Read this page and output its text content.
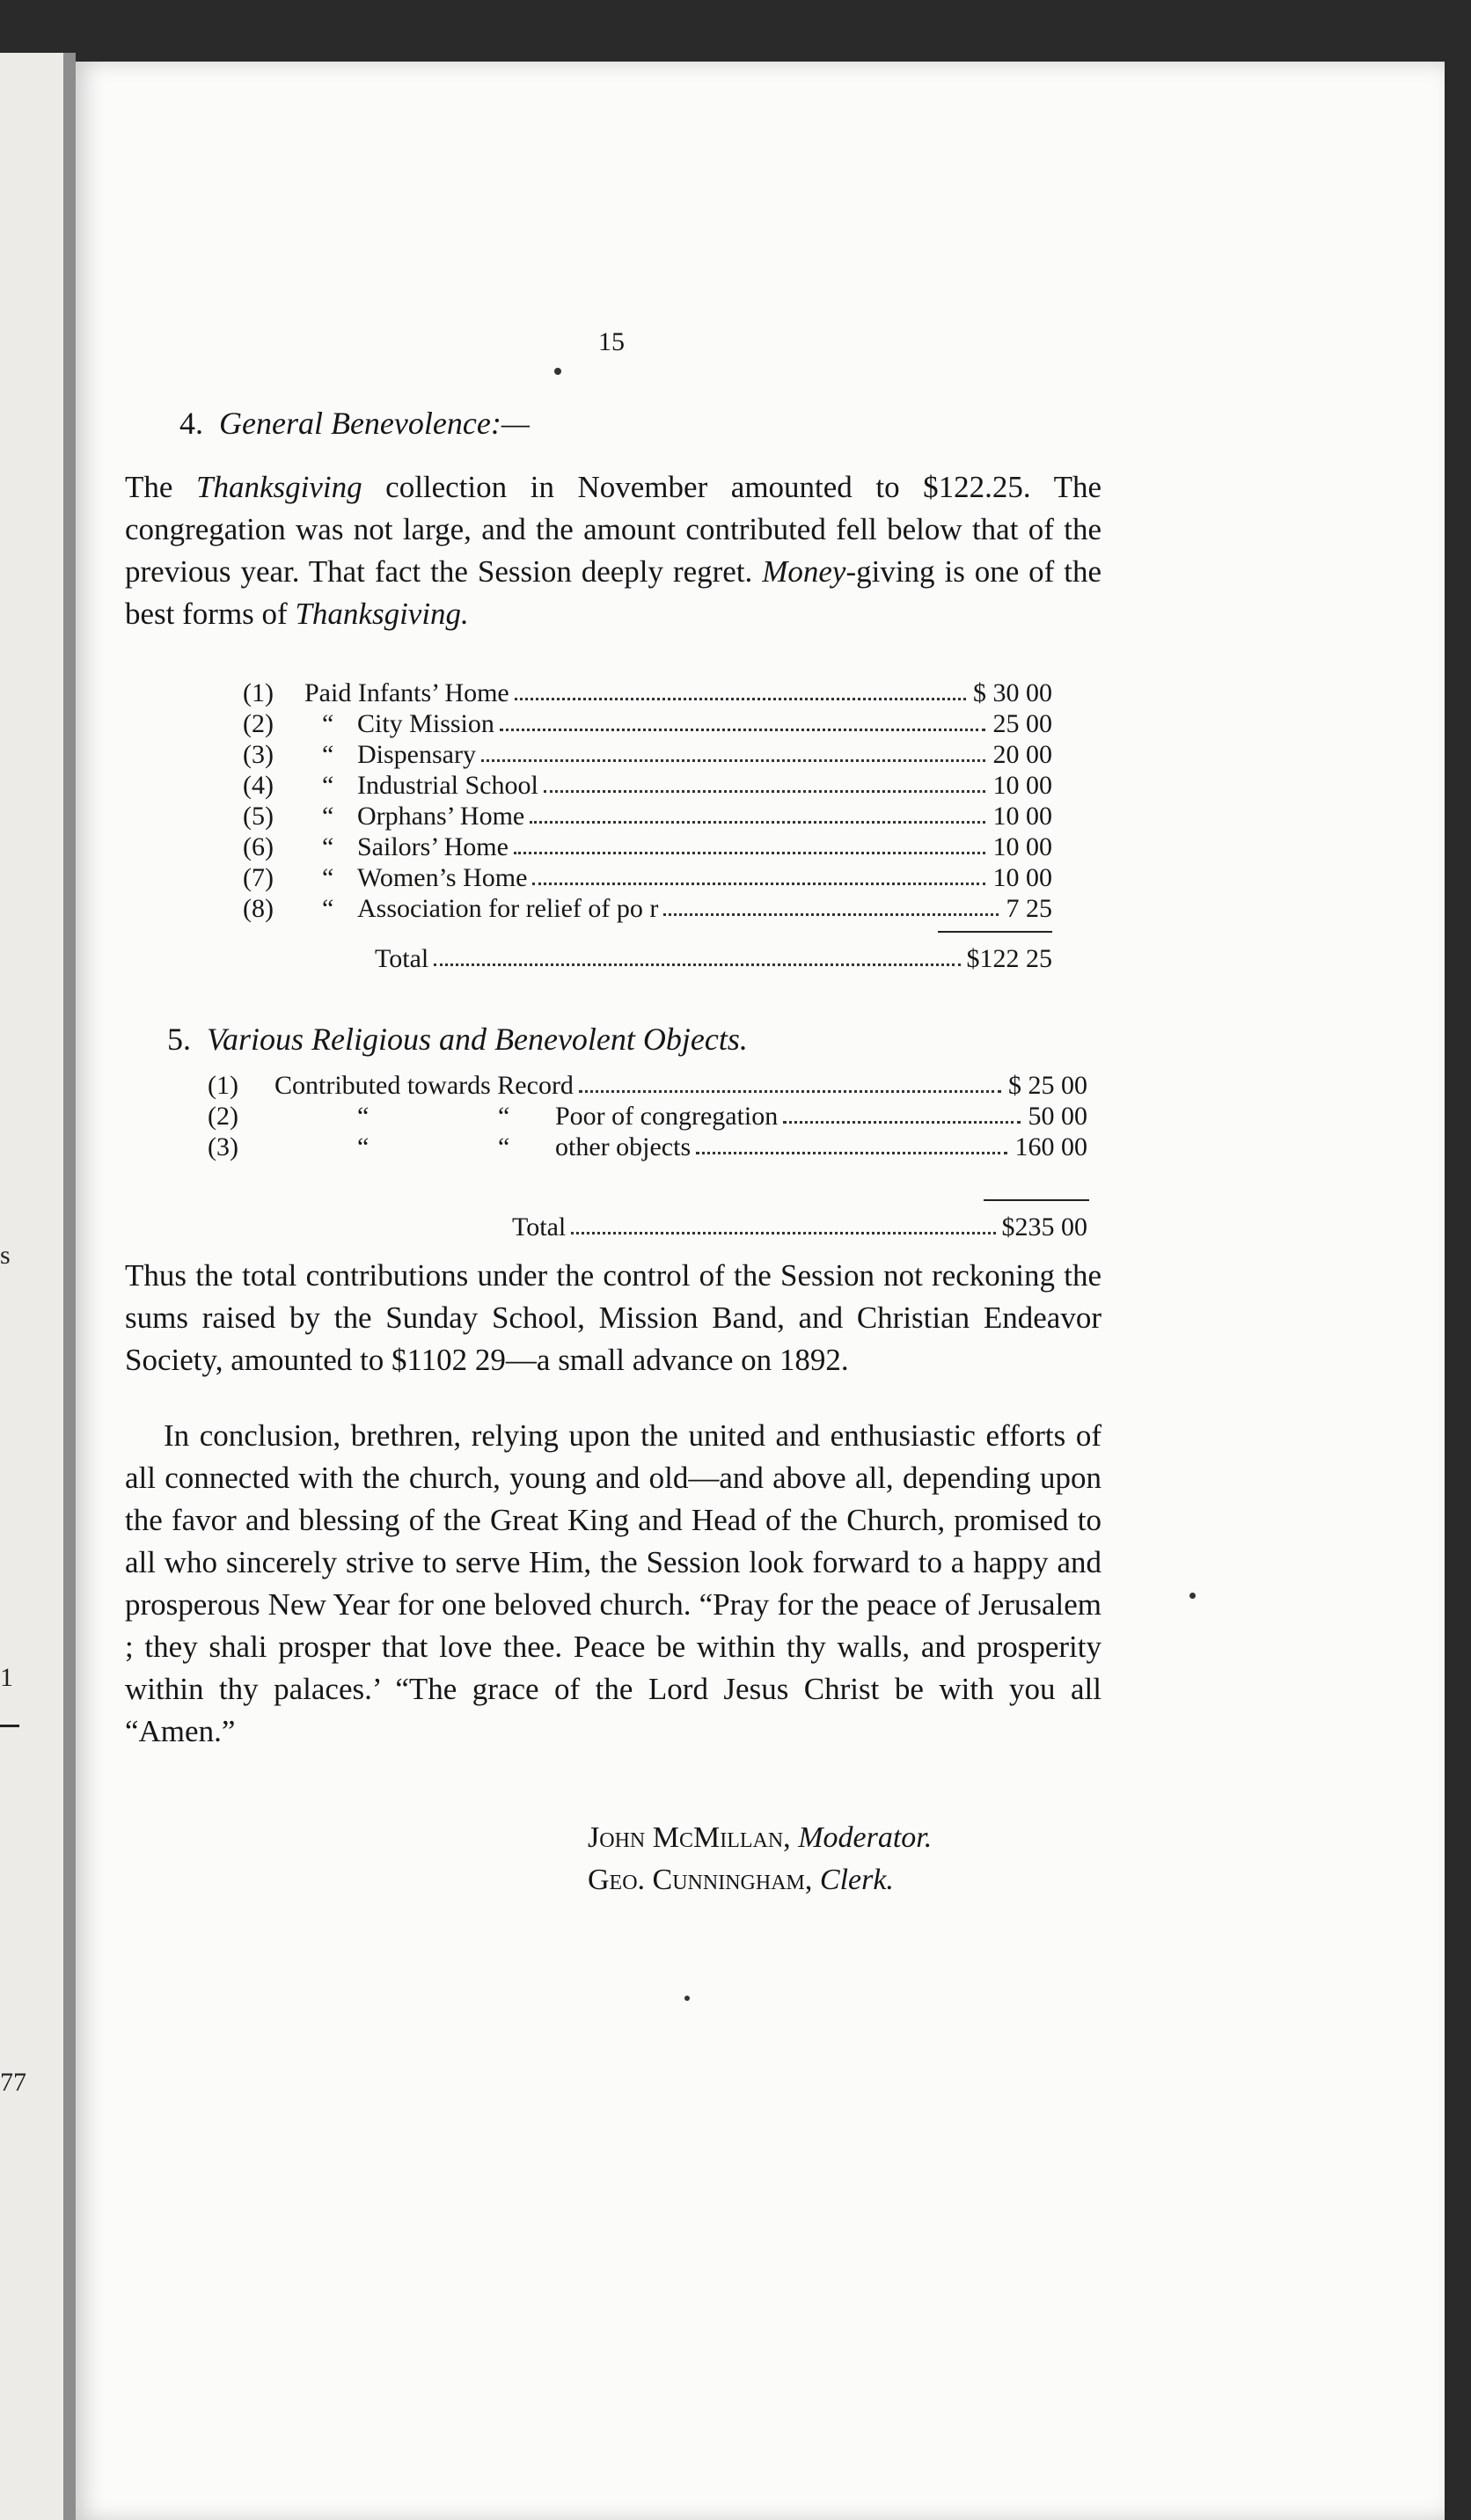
s
1
77
15
4. General Benevolence:—

The Thanksgiving collection in November amounted to $122.25. The congregation was not large, and the amount contributed fell below that of the previous year. That fact the Session deeply regret. Money-giving is one of the best forms of Thanksgiving.

(1) Paid Infants’ Home	$ 30 00
(2) “ City Mission	25 00
(3) “ Dispensary	20 00
(4) “ Industrial School	10 00
(5) “ Orphans’ Home	10 00
(6) “ Sailors’ Home	10 00
(7) “ Women’s Home	10 00
(8) “ Association for relief of po r	7 25
Total	$122 25
5. Various Religious and Benevolent Objects.
(1) Contributed towards Record	$ 25 00
(2)	“	“ Poor of congregation	50 00
(3)	“	“ other objects	160 00
Total	$235 00

Thus the total contributions under the control of the Session not reckoning the sums raised by the Sunday School, Mission Band, and Christian Endeavor Society, amounted to $1102 29—a small advance on 1892.

In conclusion, brethren, relying upon the united and enthusiastic efforts of all connected with the church, young and old—and above all, depending upon the favor and blessing of the Great King and Head of the Church, promised to all who sincerely strive to serve Him, the Session look forward to a happy and prosperous New Year for one beloved church. “Pray for the peace of Jerusalem ; they shali prosper that love thee. Peace be within thy walls, and prosperity within thy palaces.’ “The grace of the Lord Jesus Christ be with you all “Amen.”

John McMillan, Moderator.
Geo. Cunningham, Clerk.
